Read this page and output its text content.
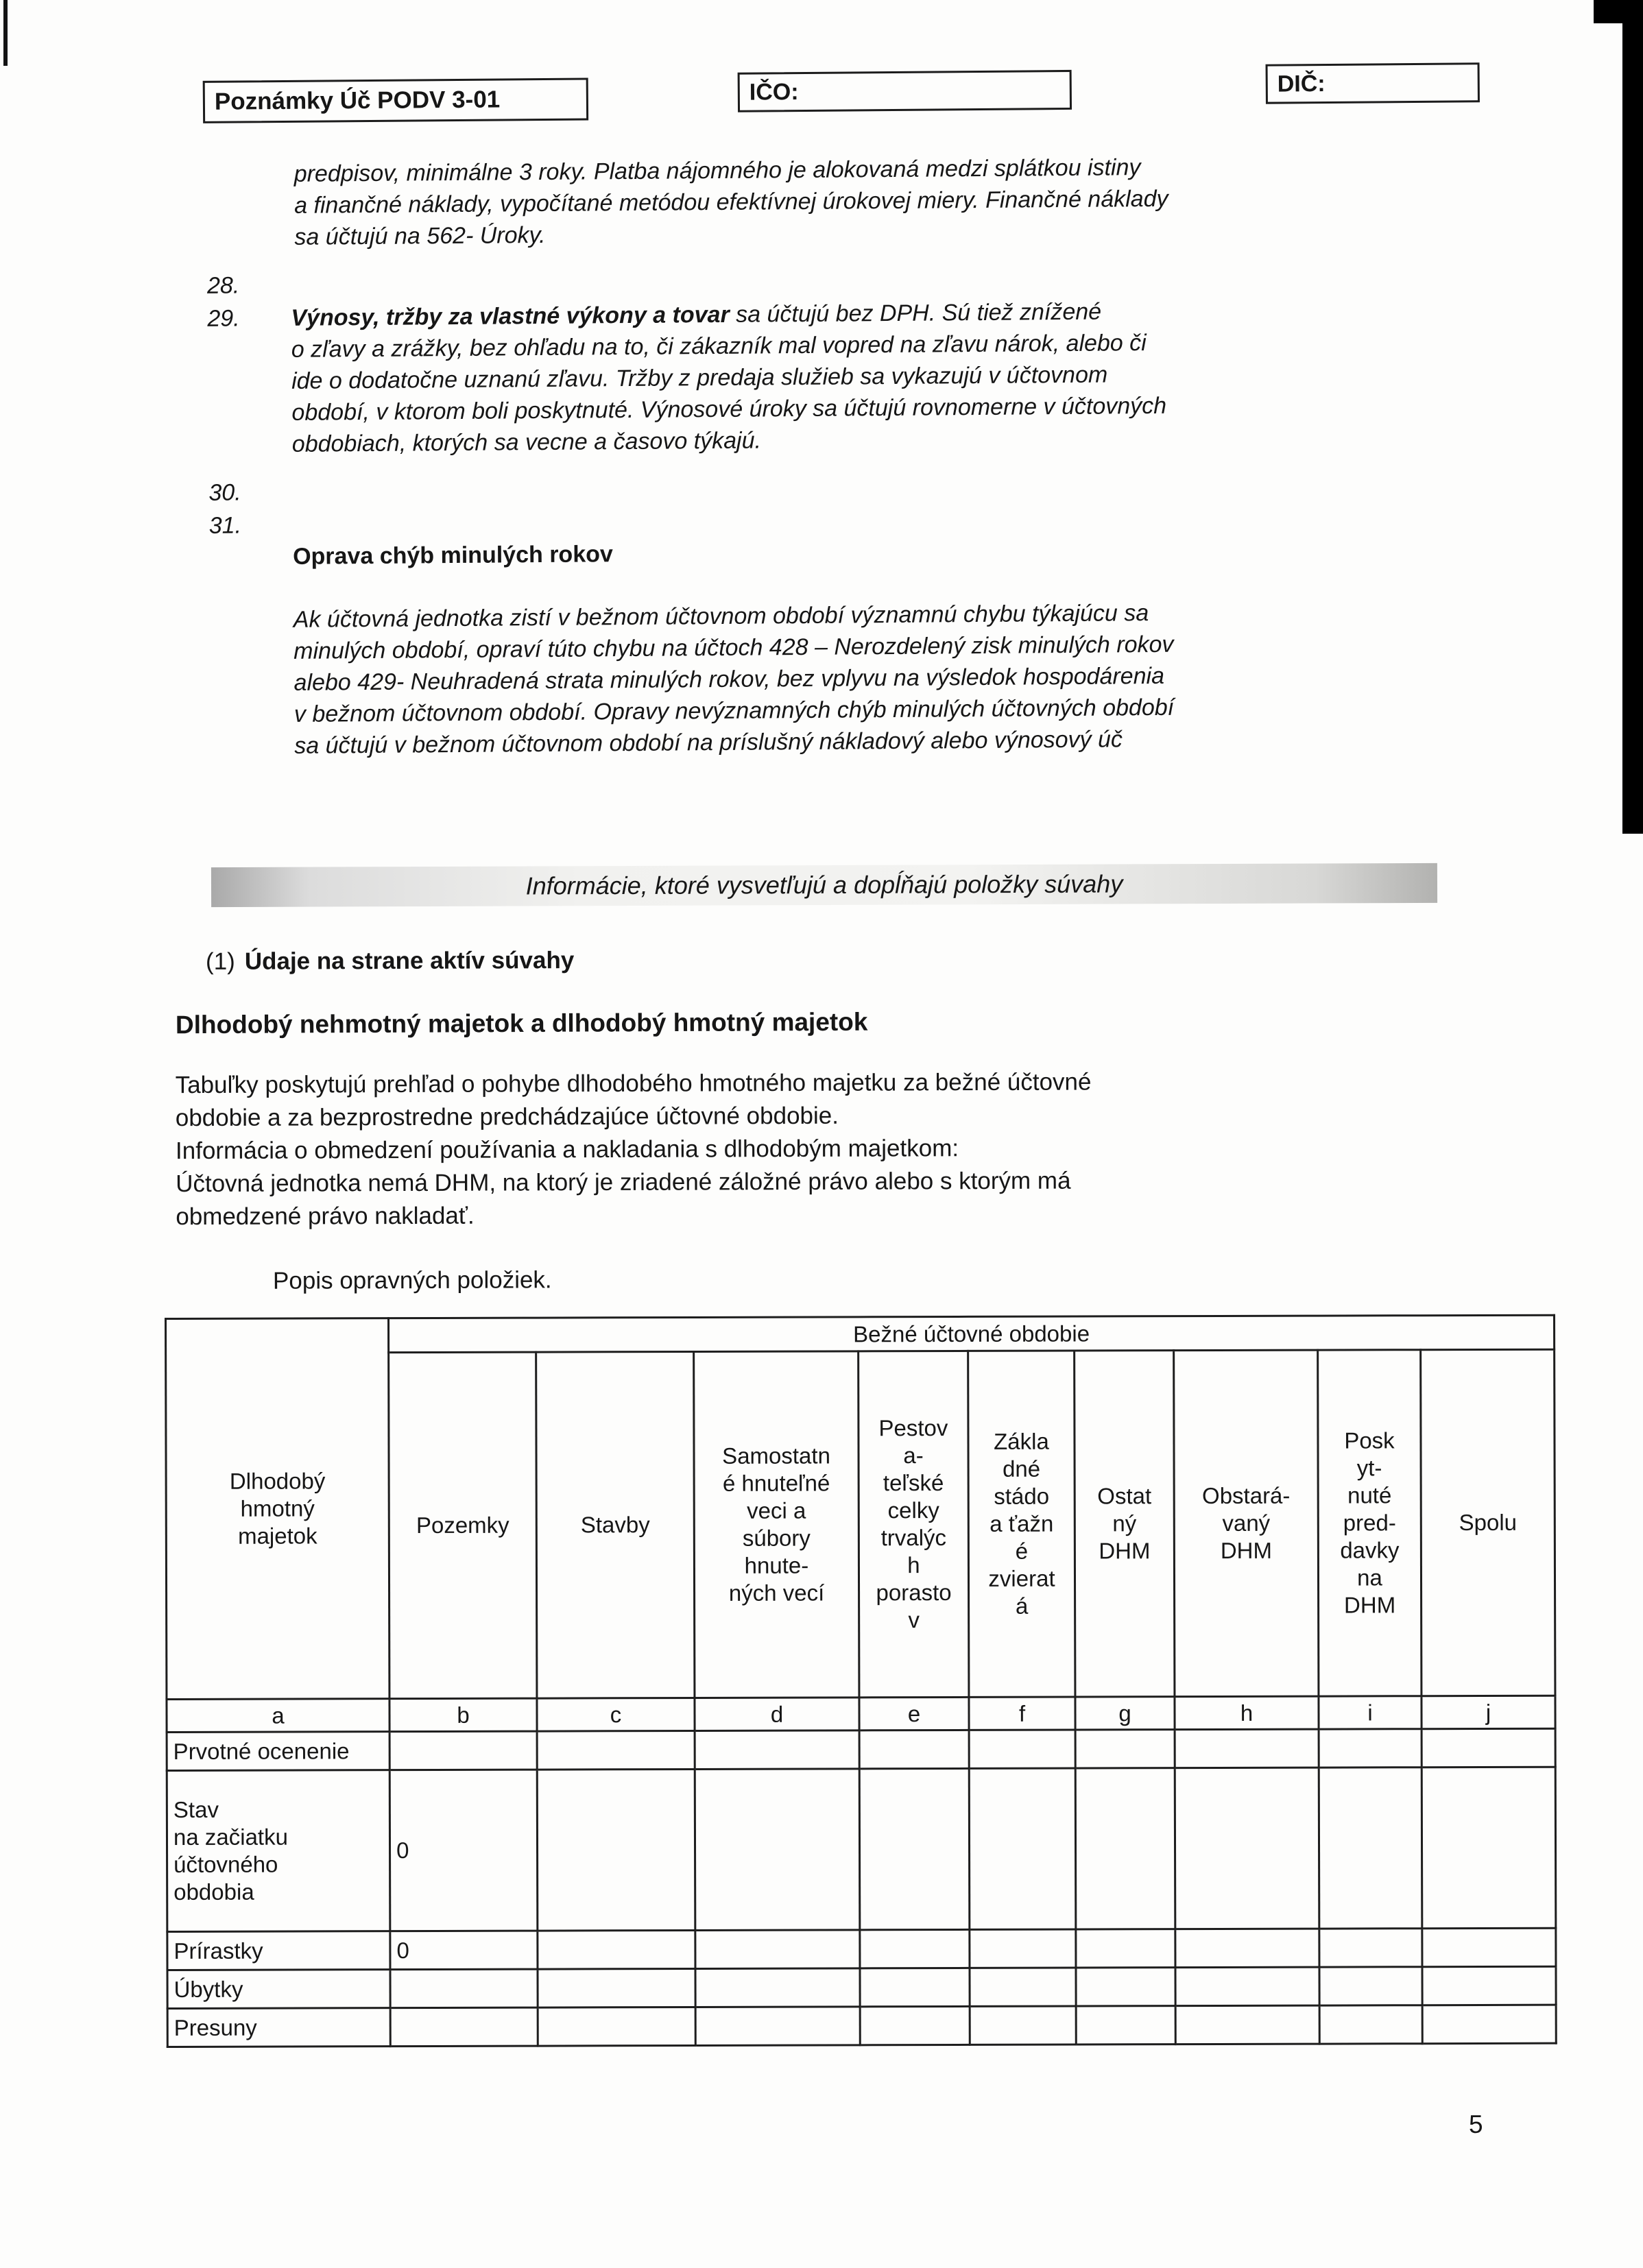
Poznámky Úč PODV 3-01	IČO:	DIČ:
predpisov, minimálne 3 roky. Platba nájomného je alokovaná medzi splátkou istiny
a finančné náklady, vypočítané metódou efektívnej úrokovej miery. Finančné náklady
sa účtujú na 562- Úroky.
28.
29.	Výnosy, tržby za vlastné výkony a tovar sa účtujú bez DPH. Sú tiež znížené
o zľavy a zrážky, bez ohľadu na to, či zákazník mal vopred na zľavu nárok, alebo či
ide o dodatočne uznanú zľavu. Tržby z predaja služieb sa vykazujú v účtovnom
období, v ktorom boli poskytnuté. Výnosové úroky sa účtujú rovnomerne v účtovných
obdobiach, ktorých sa vecne a časovo týkajú.
30.
31.

Oprava chýb minulých rokov

Ak účtovná jednotka zistí v bežnom účtovnom období významnú chybu týkajúcu sa
minulých období, opraví túto chybu na účtoch 428 – Nerozdelený zisk minulých rokov
alebo 429- Neuhradená strata minulých rokov, bez vplyvu na výsledok hospodárenia
v bežnom účtovnom období. Opravy nevýznamných chýb minulých účtovných období
sa účtujú v bežnom účtovnom období na príslušný nákladový alebo výnosový úč

Informácie, ktoré vysvetľujú a dopĺňajú položky súvahy
(1) Údaje na strane aktív súvahy
Dlhodobý nehmotný majetok a dlhodobý hmotný majetok
Tabuľky poskytujú prehľad o pohybe dlhodobého hmotného majetku za bežné účtovné
obdobie a za bezprostredne predchádzajúce účtovné obdobie.
Informácia o obmedzení používania a nakladania s dlhodobým majetkom:
Účtovná jednotka nemá DHM, na ktorý je zriadené záložné právo alebo s ktorým má
obmedzené právo nakladať.
Popis opravných položiek.
Dlhodobý
hmotný
majetok	Bežné účtovné obdobie								
Pozemky	Stavby	Samostatn
é hnuteľné
veci a
súbory
hnute-
ných vecí	Pestov
a-
teľské
celky
trvalýc
h
porasto
v	Zákla
dné
stádo
a ťažn
é
zvierat
á	Ostat
ný
DHM	Obstará-
vaný
DHM	Posk
yt-
nuté
pred-
davky
na
DHM	Spolu
a	b	c	d	e	f	g	h	i	j
Prvotné ocenenie									
Stav
na začiatku
účtovného
obdobia	0								
Prírastky	0								
Úbytky									
Presuny									
5
